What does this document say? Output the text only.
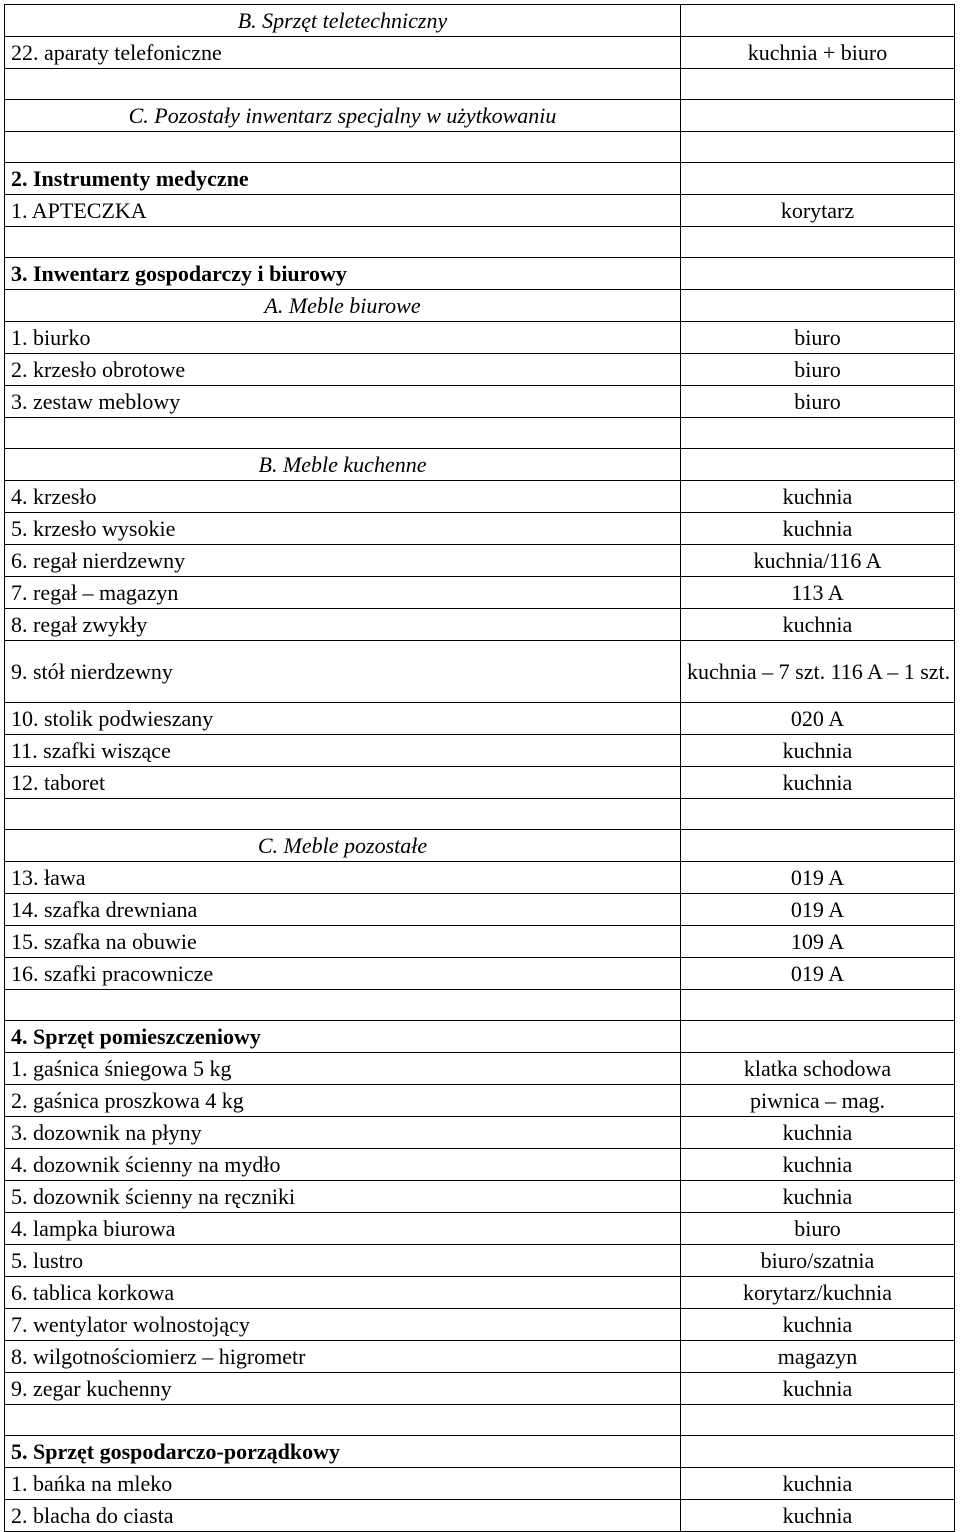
B. Sprzęt teletechniczny	
22. aparaty telefoniczne	kuchnia + biuro

C. Pozostały inwentarz specjalny w użytkowaniu	

2. Instrumenty medyczne	
1. APTECZKA	korytarz

3. Inwentarz gospodarczy i biurowy	
A. Meble biurowe	
1. biurko	biuro
2. krzesło obrotowe	biuro
3. zestaw meblowy	biuro

B. Meble kuchenne	
4. krzesło	kuchnia
5. krzesło wysokie	kuchnia
6. regał nierdzewny	kuchnia/116 A
7. regał – magazyn	113 A
8. regał zwykły	kuchnia
9. stół nierdzewny	kuchnia – 7 szt. 116 A – 1 szt.
10. stolik podwieszany	020 A
11. szafki wiszące	kuchnia
12. taboret	kuchnia

C. Meble pozostałe	
13. ława	019 A
14. szafka drewniana	019 A
15. szafka na obuwie	109 A
16. szafki pracownicze	019 A

4. Sprzęt pomieszczeniowy	
1. gaśnica śniegowa 5 kg	klatka schodowa
2. gaśnica proszkowa 4 kg	piwnica – mag.
3. dozownik na płyny	kuchnia
4. dozownik ścienny na mydło	kuchnia
5. dozownik ścienny na ręczniki	kuchnia
4. lampka biurowa	biuro
5. lustro	biuro/szatnia
6. tablica korkowa	korytarz/kuchnia
7. wentylator wolnostojący	kuchnia
8. wilgotnościomierz – higrometr	magazyn
9. zegar kuchenny	kuchnia

5. Sprzęt gospodarczo-porządkowy	
1. bańka na mleko	kuchnia
2. blacha do ciasta	kuchnia
